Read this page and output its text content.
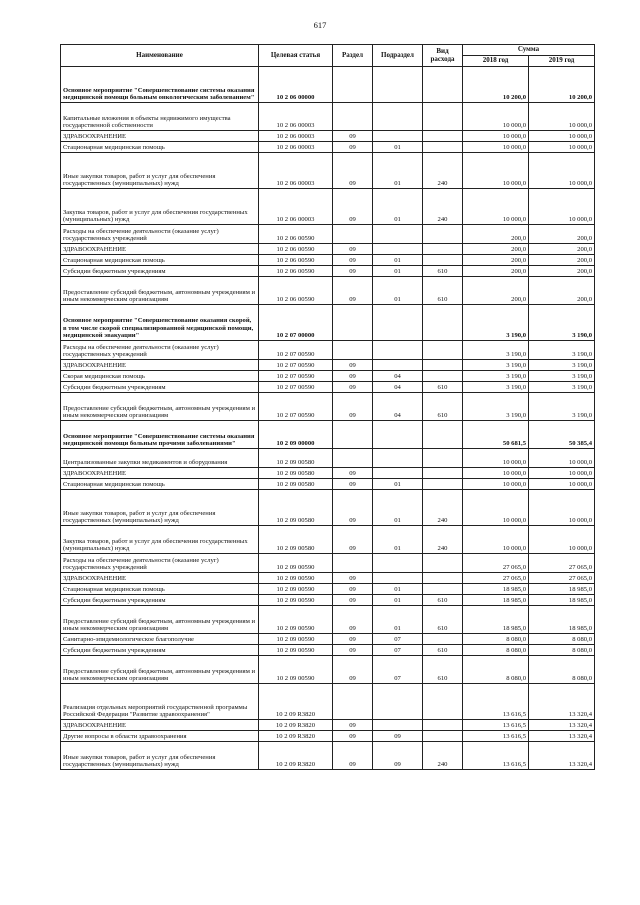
617
Наименование	Целевая статья	Раздел	Подраздел	Вид расхода	Сумма	
					2018 год	2019 год
Основное мероприятие "Совершенствование системы оказания медицинской помощи больным онкологическим заболеванием"	10 2 06 00000				10 200,0	10 200,0
Капитальные вложения в объекты недвижимого имущества государственной собственности	10 2 06 00003				10 000,0	10 000,0
ЗДРАВООХРАНЕНИЕ	10 2 06 00003	09			10 000,0	10 000,0
Стационарная медицинская помощь	10 2 06 00003	09	01		10 000,0	10 000,0
Иные закупки товаров, работ и услуг для обеспечения государственных (муниципальных) нужд	10 2 06 00003	09	01	240	10 000,0	10 000,0
Закупка товаров, работ и услуг для обеспечения государственных (муниципальных) нужд	10 2 06 00003	09	01	240	10 000,0	10 000,0
Расходы на обеспечение деятельности (оказание услуг) государственных учреждений	10 2 06 00590				200,0	200,0
ЗДРАВООХРАНЕНИЕ	10 2 06 00590	09			200,0	200,0
Стационарная медицинская помощь	10 2 06 00590	09	01		200,0	200,0
Субсидии бюджетным учреждениям	10 2 06 00590	09	01	610	200,0	200,0
Предоставление субсидий бюджетным, автономным учреждениям и иным некоммерческим организациям	10 2 06 00590	09	01	610	200,0	200,0
Основное мероприятие "Совершенствование оказания скорой, в том числе скорой специализированной медицинской помощи, медицинской эвакуации"	10 2 07 00000				3 190,0	3 190,0
Расходы на обеспечение деятельности (оказание услуг) государственных учреждений	10 2 07 00590				3 190,0	3 190,0
ЗДРАВООХРАНЕНИЕ	10 2 07 00590	09			3 190,0	3 190,0
Скорая медицинская помощь	10 2 07 00590	09	04		3 190,0	3 190,0
Субсидии бюджетным учреждениям	10 2 07 00590	09	04	610	3 190,0	3 190,0
Предоставление субсидий бюджетным, автономным учреждениям и иным некоммерческим организациям	10 2 07 00590	09	04	610	3 190,0	3 190,0
Основное мероприятие "Совершенствование системы оказания медицинской помощи больным прочими заболеваниями"	10 2 09 00000				50 681,5	50 385,4
Централизованные закупки медикаментов и оборудования	10 2 09 00580				10 000,0	10 000,0
ЗДРАВООХРАНЕНИЕ	10 2 09 00580	09			10 000,0	10 000,0
Стационарная медицинская помощь	10 2 09 00580	09	01		10 000,0	10 000,0
Иные закупки товаров, работ и услуг для обеспечения государственных (муниципальных) нужд	10 2 09 00580	09	01	240	10 000,0	10 000,0
Закупка товаров, работ и услуг для обеспечения государственных (муниципальных) нужд	10 2 09 00580	09	01	240	10 000,0	10 000,0
Расходы на обеспечение деятельности (оказание услуг) государственных учреждений	10 2 09 00590				27 065,0	27 065,0
ЗДРАВООХРАНЕНИЕ	10 2 09 00590	09			27 065,0	27 065,0
Стационарная медицинская помощь	10 2 09 00590	09	01		18 985,0	18 985,0
Субсидии бюджетным учреждениям	10 2 09 00590	09	01	610	18 985,0	18 985,0
Предоставление субсидий бюджетным, автономным учреждениям и иным некоммерческим организациям	10 2 09 00590	09	01	610	18 985,0	18 985,0
Санитарно-эпидемиологическое благополучие	10 2 09 00590	09	07		8 080,0	8 080,0
Субсидии бюджетным учреждениям	10 2 09 00590	09	07	610	8 080,0	8 080,0
Предоставление субсидий бюджетным, автономным учреждениям и иным некоммерческим организациям	10 2 09 00590	09	07	610	8 080,0	8 080,0
Реализация отдельных мероприятий государственной программы Российской Федерации "Развитие здравоохранения"	10 2 09 R3820				13 616,5	13 320,4
ЗДРАВООХРАНЕНИЕ	10 2 09 R3820	09			13 616,5	13 320,4
Другие вопросы в области здравоохранения	10 2 09 R3820	09	09		13 616,5	13 320,4
Иные закупки товаров, работ и услуг для обеспечения государственных (муниципальных) нужд	10 2 09 R3820	09	09	240	13 616,5	13 320,4
